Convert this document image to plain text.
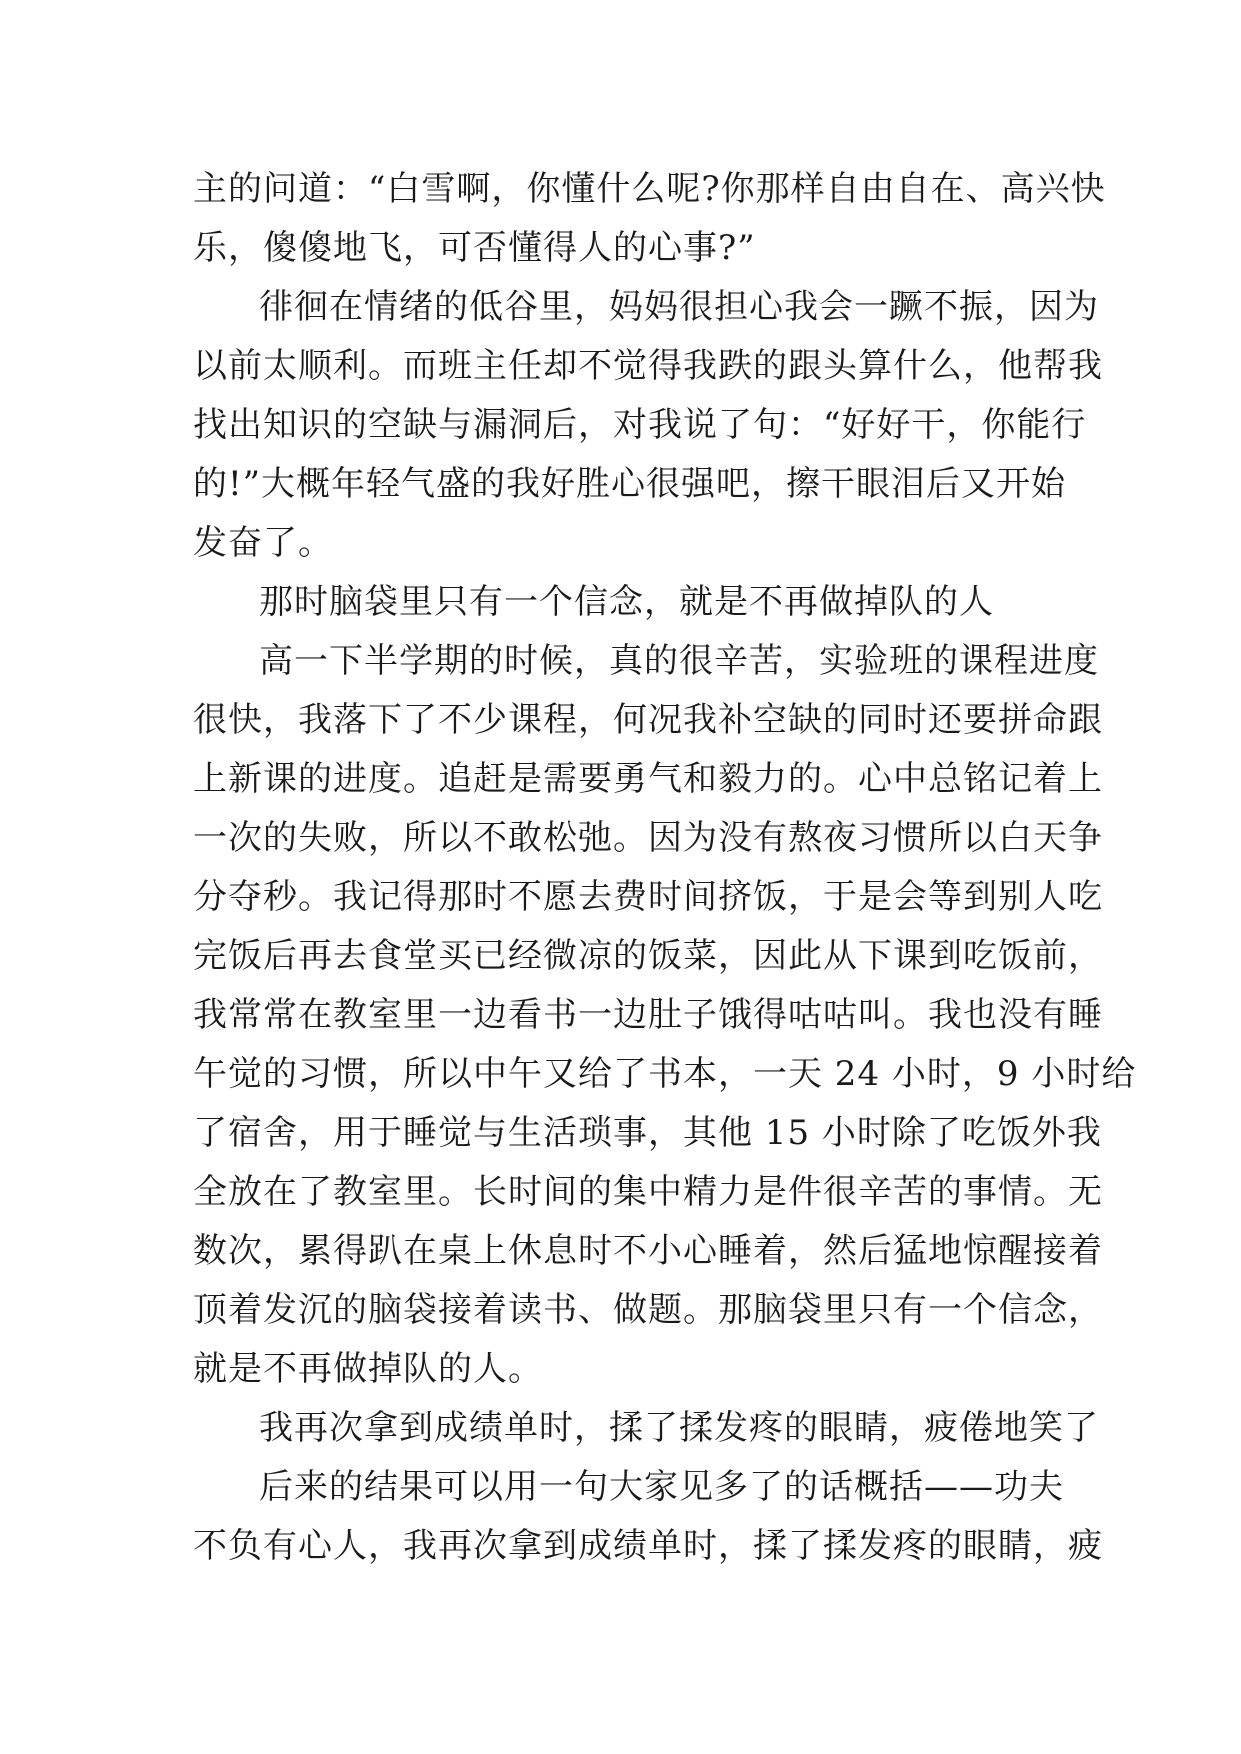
主的问道：“白雪啊，你懂什么呢?你那样自由自在、高兴快
乐，傻傻地飞，可否懂得人的心事?”
徘徊在情绪的低谷里，妈妈很担心我会一蹶不振，因为
以前太顺利。而班主任却不觉得我跌的跟头算什么，他帮我
找出知识的空缺与漏洞后，对我说了句：“好好干，你能行
的!”大概年轻气盛的我好胜心很强吧，擦干眼泪后又开始
发奋了。
那时脑袋里只有一个信念，就是不再做掉队的人
高一下半学期的时候，真的很辛苦，实验班的课程进度
很快，我落下了不少课程，何况我补空缺的同时还要拼命跟
上新课的进度。追赶是需要勇气和毅力的。心中总铭记着上
一次的失败，所以不敢松弛。因为没有熬夜习惯所以白天争
分夺秒。我记得那时不愿去费时间挤饭，于是会等到别人吃
完饭后再去食堂买已经微凉的饭菜，因此从下课到吃饭前，
我常常在教室里一边看书一边肚子饿得咕咕叫。我也没有睡
午觉的习惯，所以中午又给了书本，一天 24 小时，9 小时给
了宿舍，用于睡觉与生活琐事，其他 15 小时除了吃饭外我
全放在了教室里。长时间的集中精力是件很辛苦的事情。无
数次，累得趴在桌上休息时不小心睡着，然后猛地惊醒接着
顶着发沉的脑袋接着读书、做题。那脑袋里只有一个信念，
就是不再做掉队的人。
我再次拿到成绩单时，揉了揉发疼的眼睛，疲倦地笑了
后来的结果可以用一句大家见多了的话概括——功夫
不负有心人，我再次拿到成绩单时，揉了揉发疼的眼睛，疲
